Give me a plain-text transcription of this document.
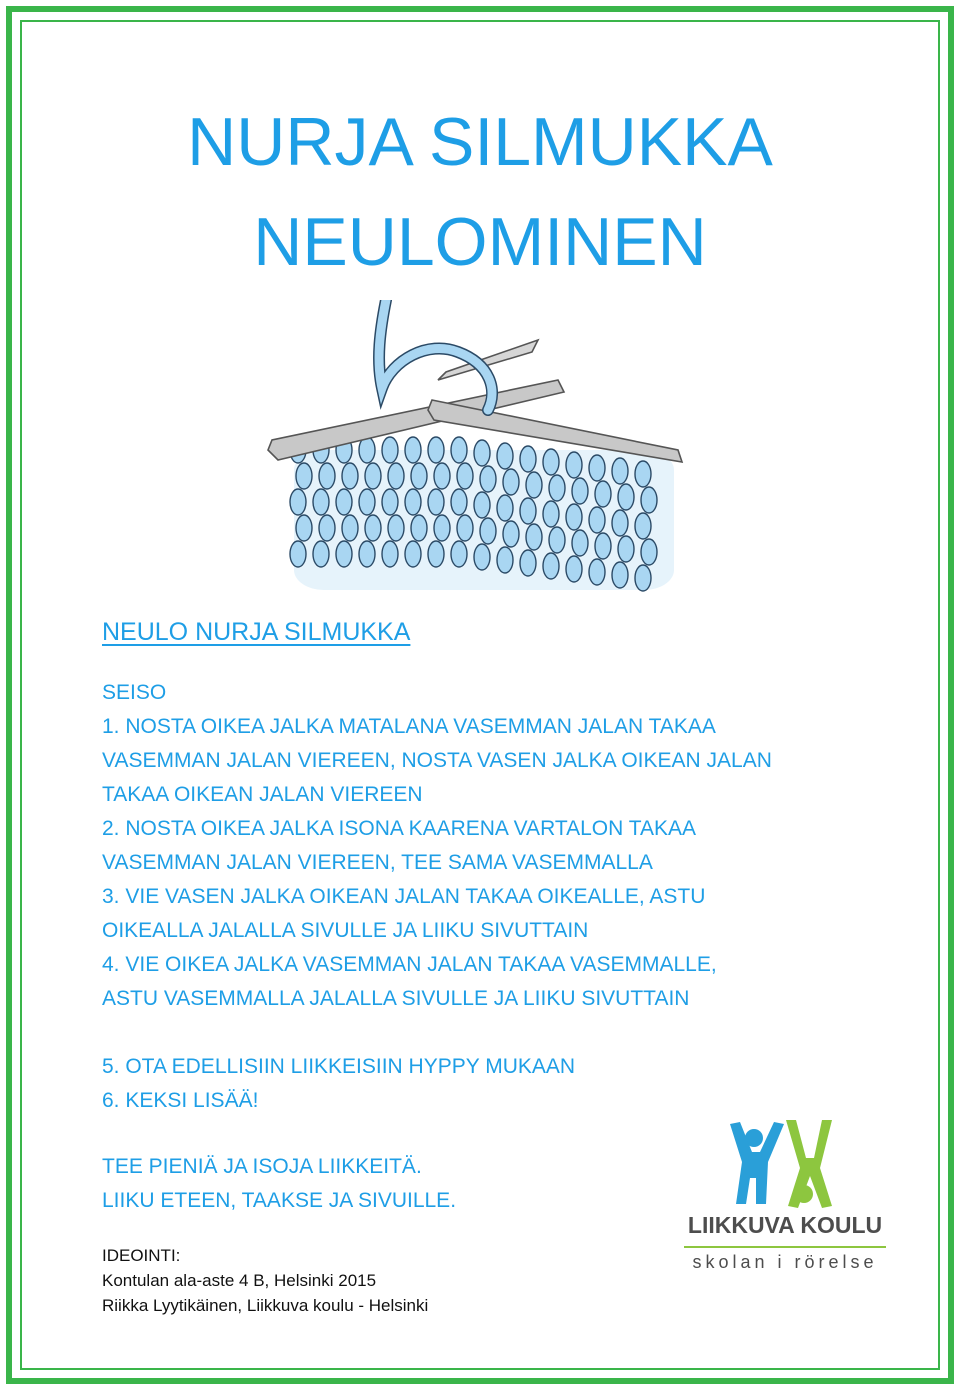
NURJA SILMUKKA
NEULOMINEN
NEULO NURJA SILMUKKA
SEISO
1. NOSTA OIKEA JALKA MATALANA VASEMMAN JALAN TAKAA
VASEMMAN JALAN VIEREEN, NOSTA VASEN JALKA OIKEAN JALAN
TAKAA OIKEAN JALAN VIEREEN
2. NOSTA OIKEA JALKA ISONA KAARENA VARTALON TAKAA
VASEMMAN JALAN VIEREEN, TEE SAMA VASEMMALLA
3. VIE VASEN JALKA OIKEAN JALAN TAKAA OIKEALLE, ASTU
OIKEALLA JALALLA SIVULLE JA LIIKU SIVUTTAIN
4. VIE OIKEA JALKA VASEMMAN JALAN TAKAA VASEMMALLE,
ASTU VASEMMALLA JALALLA SIVULLE JA LIIKU SIVUTTAIN
5. OTA EDELLISIIN LIIKKEISIIN HYPPY MUKAAN
6. KEKSI LISÄÄ!
TEE PIENIÄ JA ISOJA LIIKKEITÄ.
LIIKU ETEEN, TAAKSE JA SIVUILLE.
IDEOINTI:
Kontulan ala-aste 4 B, Helsinki 2015
Riikka Lyytikäinen, Liikkuva koulu - Helsinki
LIIKKUVA KOULU
skolan i rörelse
